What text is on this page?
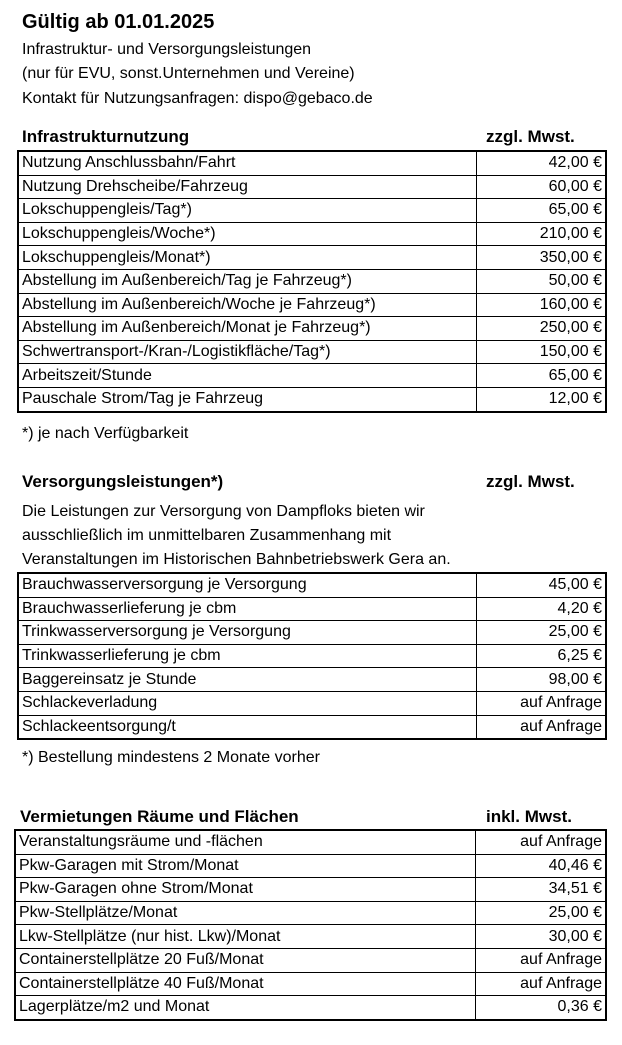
Gültig ab 01.01.2025
Infrastruktur- und Versorgungsleistungen
(nur für EVU, sonst.Unternehmen und Vereine)
Kontakt für Nutzungsanfragen: dispo@gebaco.de
Infrastrukturnutzung	zzgl. Mwst.
Nutzung Anschlussbahn/Fahrt	42,00 €
Nutzung Drehscheibe/Fahrzeug	60,00 €
Lokschuppengleis/Tag*)	65,00 €
Lokschuppengleis/Woche*)	210,00 €
Lokschuppengleis/Monat*)	350,00 €
Abstellung im Außenbereich/Tag je Fahrzeug*)	50,00 €
Abstellung im Außenbereich/Woche je Fahrzeug*)	160,00 €
Abstellung im Außenbereich/Monat je Fahrzeug*)	250,00 €
Schwertransport-/Kran-/Logistikfläche/Tag*)	150,00 €
Arbeitszeit/Stunde	65,00 €
Pauschale Strom/Tag je Fahrzeug	12,00 €
*) je nach Verfügbarkeit
Versorgungsleistungen*)	zzgl. Mwst.
Die Leistungen zur Versorgung von Dampfloks bieten wir
ausschließlich im unmittelbaren Zusammenhang mit
Veranstaltungen im Historischen Bahnbetriebswerk Gera an.
Brauchwasserversorgung je Versorgung	45,00 €
Brauchwasserlieferung je cbm	4,20 €
Trinkwasserversorgung je Versorgung	25,00 €
Trinkwasserlieferung je cbm	6,25 €
Baggereinsatz je Stunde	98,00 €
Schlackeverladung	auf Anfrage
Schlackeentsorgung/t	auf Anfrage
*) Bestellung mindestens 2 Monate vorher
Vermietungen Räume und Flächen	inkl. Mwst.
Veranstaltungsräume und -flächen	auf Anfrage
Pkw-Garagen mit Strom/Monat	40,46 €
Pkw-Garagen ohne Strom/Monat	34,51 €
Pkw-Stellplätze/Monat	25,00 €
Lkw-Stellplätze (nur hist. Lkw)/Monat	30,00 €
Containerstellplätze 20 Fuß/Monat	auf Anfrage
Containerstellplätze 40 Fuß/Monat	auf Anfrage
Lagerplätze/m2 und Monat	0,36 €
